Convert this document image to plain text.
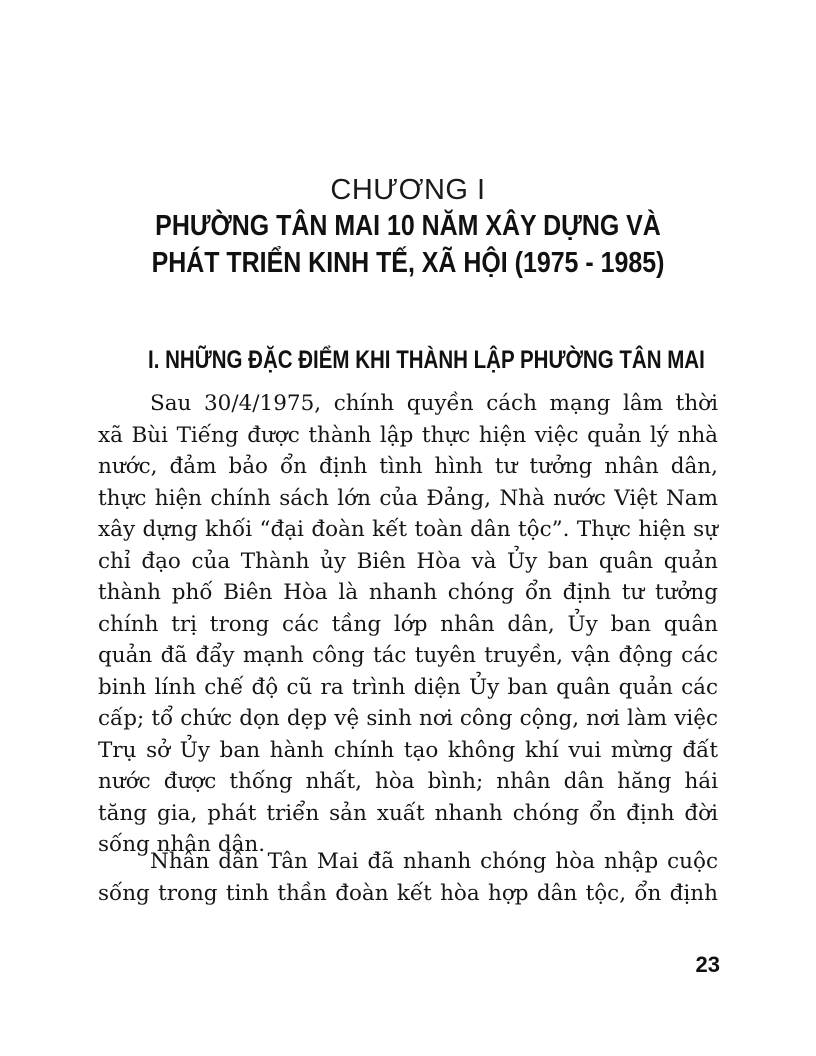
CHƯƠNG I
PHƯỜNG TÂN MAI 10 NĂM XÂY DỰNG VÀ
PHÁT TRIỂN KINH TẾ, XÃ HỘI (1975 - 1985)
I. NHỮNG ĐẶC ĐIỂM KHI THÀNH LẬP PHƯỜNG TÂN MAI
Sau 30/4/1975, chính quyền cách mạng lâm thời
xã Bùi Tiếng được thành lập thực hiện việc quản lý nhà
nước, đảm bảo ổn định tình hình tư tưởng nhân dân,
thực hiện chính sách lớn của Đảng, Nhà nước Việt Nam
xây dựng khối “đại đoàn kết toàn dân tộc”. Thực hiện sự
chỉ đạo của Thành ủy Biên Hòa và Ủy ban quân quản
thành phố Biên Hòa là nhanh chóng ổn định tư tưởng
chính trị trong các tầng lớp nhân dân, Ủy ban quân
quản đã đẩy mạnh công tác tuyên truyền, vận động các
binh lính chế độ cũ ra trình diện Ủy ban quân quản các
cấp; tổ chức dọn dẹp vệ sinh nơi công cộng, nơi làm việc
Trụ sở Ủy ban hành chính tạo không khí vui mừng đất
nước được thống nhất, hòa bình; nhân dân hăng hái
tăng gia, phát triển sản xuất nhanh chóng ổn định đời
sống nhân dân.
Nhân dân Tân Mai đã nhanh chóng hòa nhập cuộc
sống trong tinh thần đoàn kết hòa hợp dân tộc, ổn định
23
